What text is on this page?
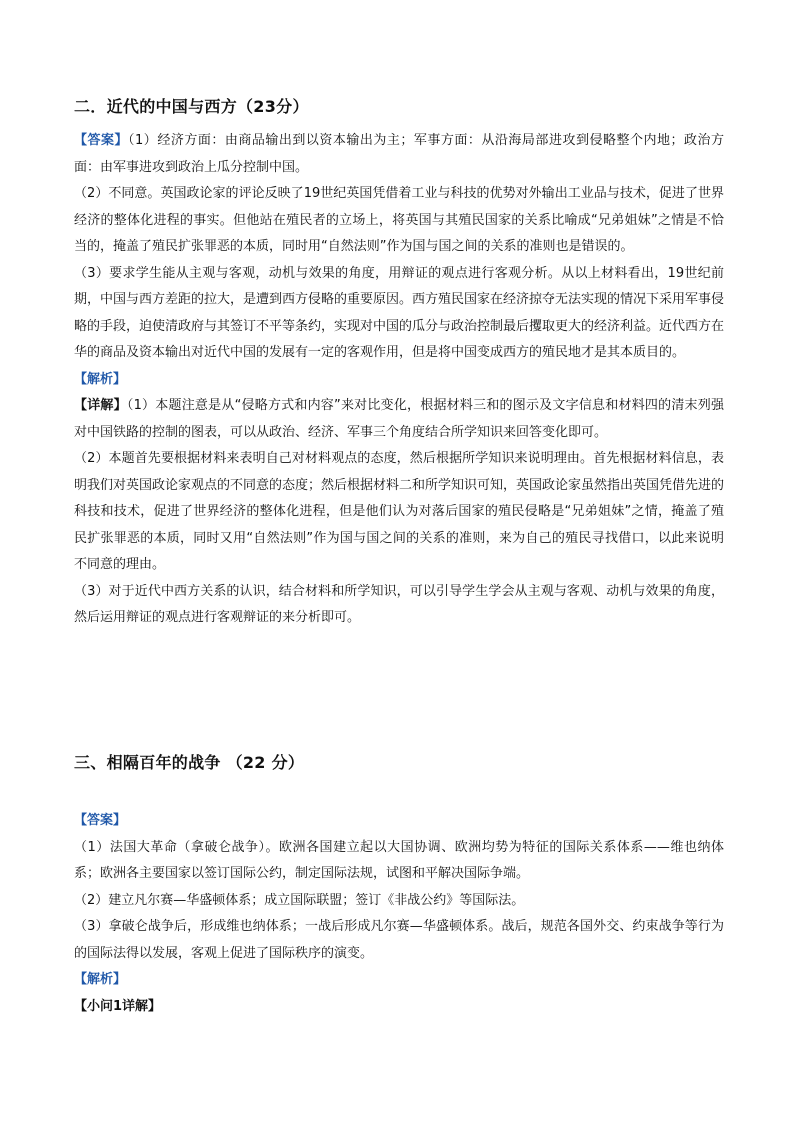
二．近代的中国与西方（23分）

【答案】（1）经济方面：由商品输出到以资本输出为主；军事方面：从沿海局部进攻到侵略整个内地；政治方面：由军事进攻到政治上瓜分控制中国。

（2）不同意。英国政论家的评论反映了19世纪英国凭借着工业与科技的优势对外输出工业品与技术，促进了世界经济的整体化进程的事实。但他站在殖民者的立场上，将英国与其殖民国家的关系比喻成“兄弟姐妹”之情是不恰当的，掩盖了殖民扩张罪恶的本质，同时用“自然法则”作为国与国之间的关系的准则也是错误的。

（3）要求学生能从主观与客观，动机与效果的角度，用辩证的观点进行客观分析。从以上材料看出，19世纪前期，中国与西方差距的拉大，是遭到西方侵略的重要原因。西方殖民国家在经济掠夺无法实现的情况下采用军事侵略的手段，迫使清政府与其签订不平等条约，实现对中国的瓜分与政治控制最后攫取更大的经济利益。近代西方在华的商品及资本输出对近代中国的发展有一定的客观作用，但是将中国变成西方的殖民地才是其本质目的。

【解析】

【详解】（1）本题注意是从“侵略方式和内容”来对比变化，根据材料三和的图示及文字信息和材料四的清末列强对中国铁路的控制的图表，可以从政治、经济、军事三个角度结合所学知识来回答变化即可。

（2）本题首先要根据材料来表明自己对材料观点的态度，然后根据所学知识来说明理由。首先根据材料信息，表明我们对英国政论家观点的不同意的态度；然后根据材料二和所学知识可知，英国政论家虽然指出英国凭借先进的科技和技术，促进了世界经济的整体化进程，但是他们认为对落后国家的殖民侵略是“兄弟姐妹”之情，掩盖了殖民扩张罪恶的本质，同时又用“自然法则”作为国与国之间的关系的准则，来为自己的殖民寻找借口，以此来说明不同意的理由。

（3）对于近代中西方关系的认识，结合材料和所学知识，可以引导学生学会从主观与客观、动机与效果的角度，然后运用辩证的观点进行客观辩证的来分析即可。

三、相隔百年的战争 （22 分）

【答案】

（1）法国大革命（拿破仑战争）。欧洲各国建立起以大国协调、欧洲均势为特征的国际关系体系——维也纳体系；欧洲各主要国家以签订国际公约，制定国际法规，试图和平解决国际争端。

（2）建立凡尔赛—华盛顿体系；成立国际联盟；签订《非战公约》等国际法。

（3）拿破仑战争后，形成维也纳体系；一战后形成凡尔赛—华盛顿体系。战后，规范各国外交、约束战争等行为的国际法得以发展，客观上促进了国际秩序的演变。

【解析】

【小问1详解】
